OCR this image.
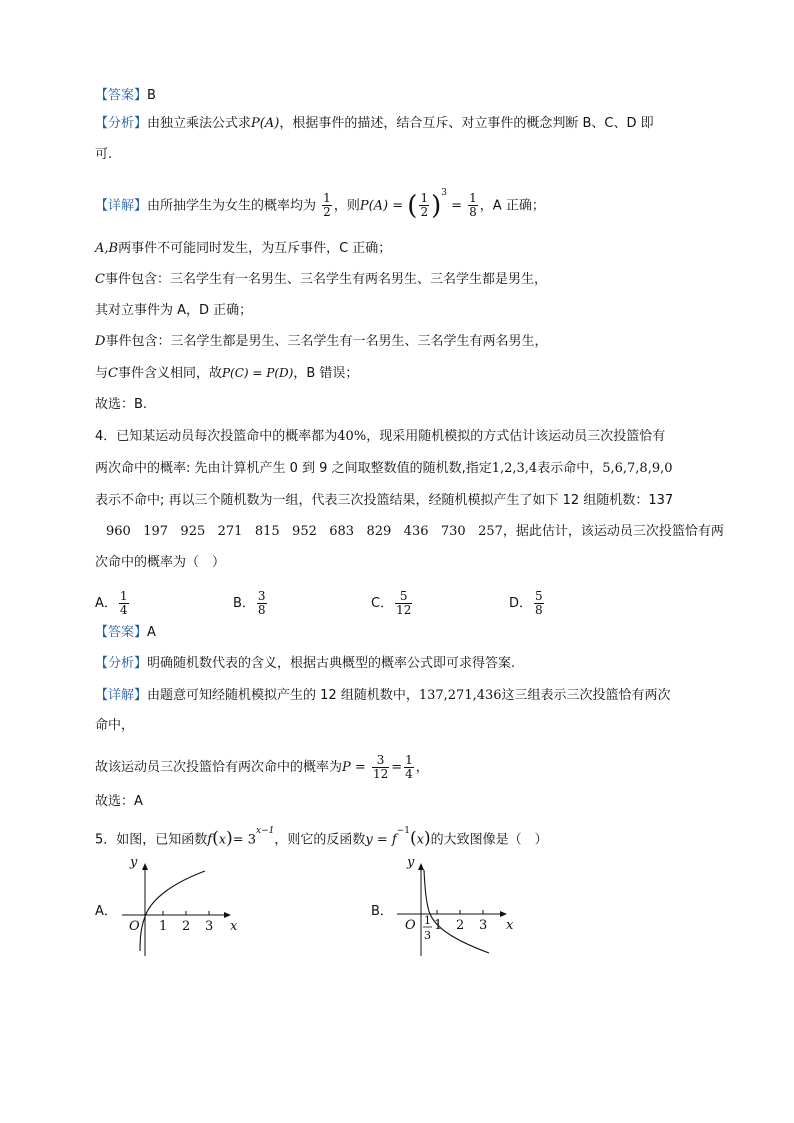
【答案】B
【分析】由独立乘法公式求P(A)，根据事件的描述，结合互斥、对立事件的概念判断 B、C、D 即
可.
【详解】由所抽学生为女生的概率均为 $\frac{1}{2}$ ，则P(A) = ( $\frac{1}{2} )^3 = \frac{1}{8}$ ，A 正确；
A,B两事件不可能同时发生，为互斥事件，C 正确；
C事件包含：三名学生有一名男生、三名学生有两名男生、三名学生都是男生，
其对立事件为 A，D 正确；
D事件包含：三名学生都是男生、三名学生有一名男生、三名学生有两名男生，
与C事件含义相同，故P(C) = P(D)，B 错误；
故选：B.
4．已知某运动员每次投篮命中的概率都为40%，现采用随机模拟的方式估计该运动员三次投篮恰有
两次命中的概率: 先由计算机产生 0 到 9 之间取整数值的随机数,指定1,2,3,4表示命中，5,6,7,8,9,0
表示不命中; 再以三个随机数为一组，代表三次投篮结果，经随机模拟产生了如下 12 组随机数：137
960   197   925   271   815   952   683   829   436   730   257，据此估计，该运动员三次投篮恰有两
次命中的概率为（　）
A． $\frac{1}{4}$	B． $\frac{3}{8}$	C． $\frac{5}{12}$	D． $\frac{5}{8}$
【答案】A
【分析】明确随机数代表的含义，根据古典概型的概率公式即可求得答案.
【详解】由题意可知经随机模拟产生的 12 组随机数中，137,271,436这三组表示三次投篮恰有两次
命中，
故该运动员三次投篮恰有两次命中的概率为$P = \frac{3}{12} = \frac{1}{4}$ ，
故选：A
5．如图，已知函数$f(x)= 3^{x-1}$，则它的反函数$y = f^{-1}(x)$的大致图像是（　）
A．
y
x
O 1 2 3
B．
y
x
O 1
3
1 2 3
